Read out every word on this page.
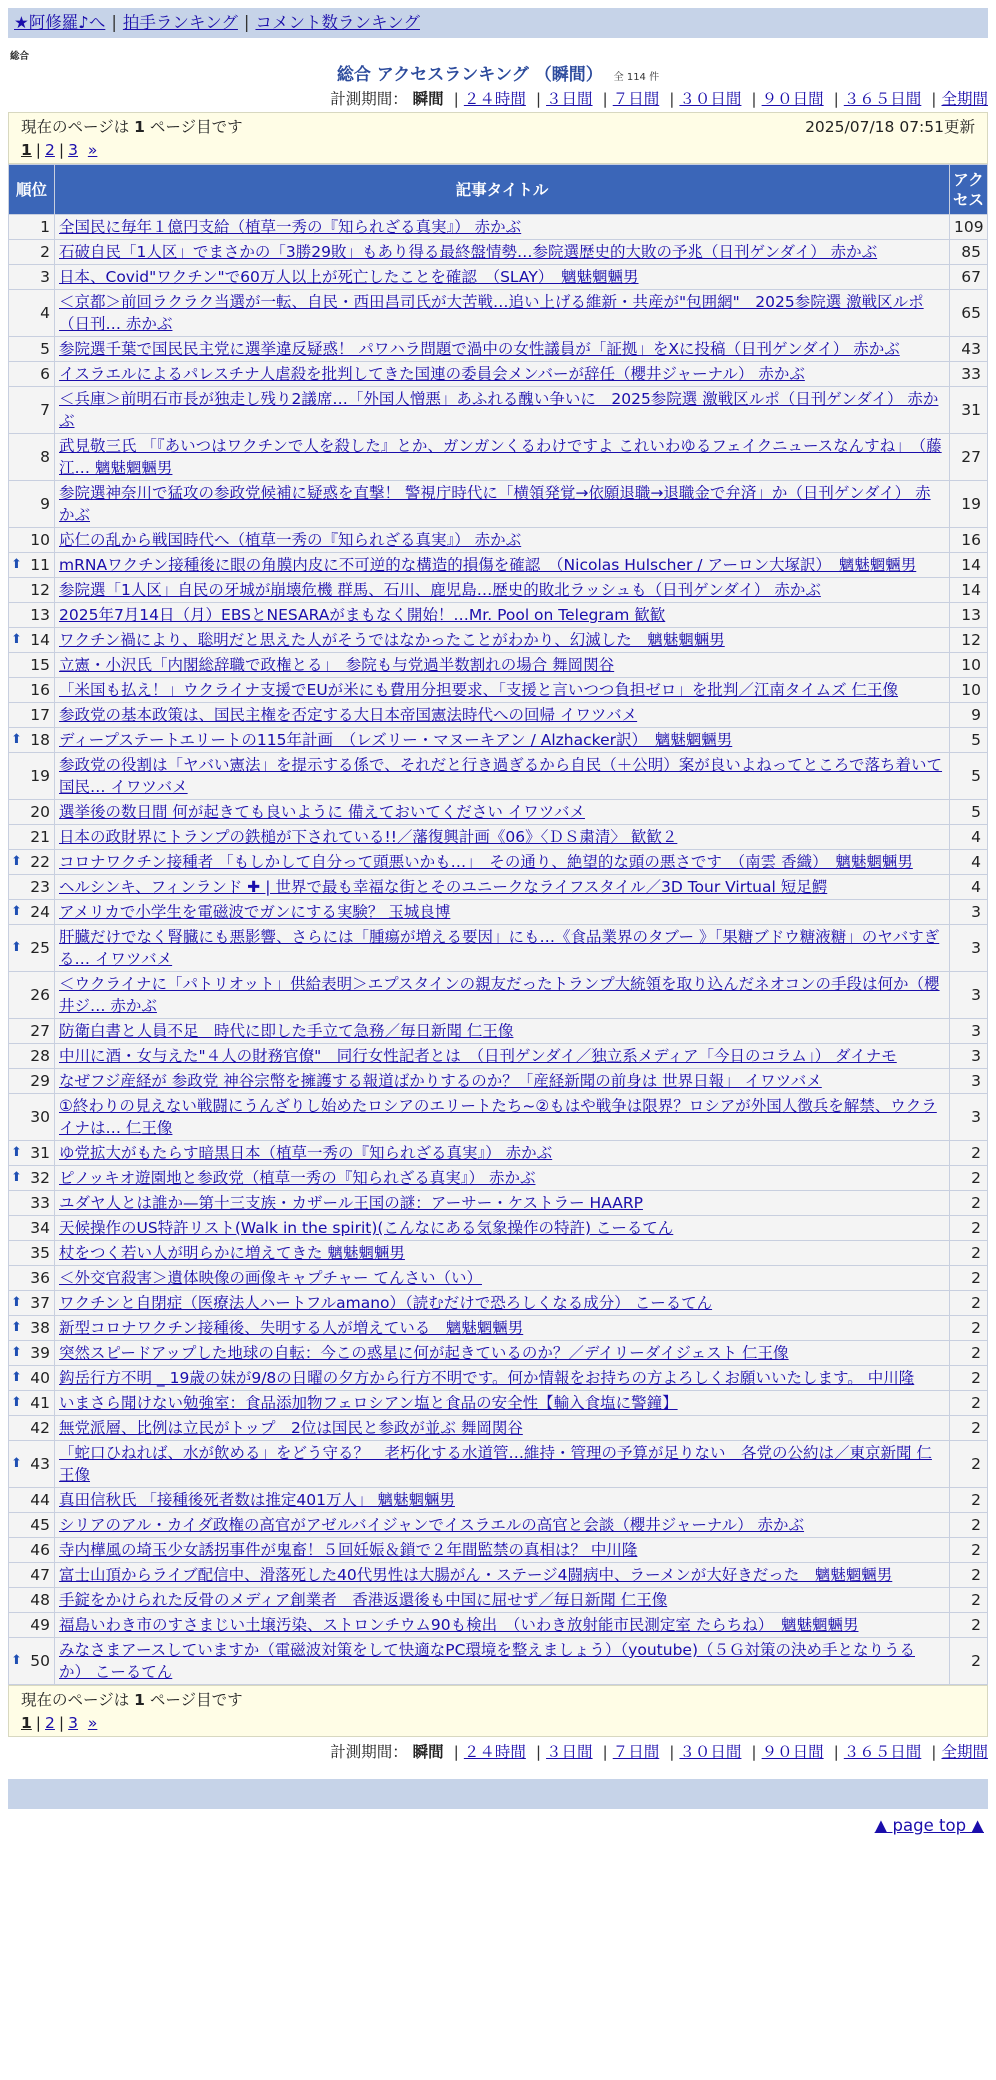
★阿修羅♪へ | 拍手ランキング | コメント数ランキング
総合
総合 アクセスランキング （瞬間） 全 114 件
計測期間： 瞬間 | ２４時間 | ３日間 | ７日間 | ３０日間 | ９０日間 | ３６５日間 | 全期間
現在のページは 1 ページ目です	2025/07/18 07:51更新
1 | 2 | 3 »
順位	記事タイトル	アクセス
1	全国民に毎年１億円支給（植草一秀の『知られざる真実』） 赤かぶ	109
2	石破自民「1人区」でまさかの「3勝29敗」もあり得る最終盤情勢…参院選歴史的大敗の予兆（日刊ゲンダイ） 赤かぶ	85
3	日本、Covid"ワクチン"で60万人以上が死亡したことを確認　（SLAY）　魑魅魍魎男	67
4	＜京都＞前回ラクラク当選が一転、自民・西田昌司氏が大苦戦…追い上げる維新・共産が"包囲網"　2025参院選 激戦区ルポ（日刊… 赤かぶ	65
5	参院選千葉で国民民主党に選挙違反疑惑！ パワハラ問題で渦中の女性議員が「証拠」をXに投稿（日刊ゲンダイ） 赤かぶ	43
6	イスラエルによるパレスチナ人虐殺を批判してきた国連の委員会メンバーが辞任（櫻井ジャーナル） 赤かぶ	33
7	＜兵庫＞前明石市長が独走し残り2議席…「外国人憎悪」あふれる醜い争いに　2025参院選 激戦区ルポ（日刊ゲンダイ） 赤かぶ	31
8	武見敬三氏 「『あいつはワクチンで人を殺した』とか、ガンガンくるわけですよ これいわゆるフェイクニュースなんすね」　（藤江… 魑魅魍魎男	27
9	参院選神奈川で猛攻の参政党候補に疑惑を直撃！ 警視庁時代に「横領発覚→依願退職→退職金で弁済」か（日刊ゲンダイ） 赤かぶ	19
10	応仁の乱から戦国時代へ（植草一秀の『知られざる真実』） 赤かぶ	16

⬆ 11	mRNAワクチン接種後に眼の角膜内皮に不可逆的な構造的損傷を確認　（Nicolas Hulscher / アーロン大塚訳）　魑魅魍魎男	14
12	参院選「1人区」自民の牙城が崩壊危機 群馬、石川、鹿児島…歴史的敗北ラッシュも（日刊ゲンダイ） 赤かぶ	14
13	2025年7月14日（月）EBSとNESARAがまもなく開始！…Mr. Pool on Telegram 歓歓	13

⬆ 14	ワクチン禍により、聡明だと思えた人がそうではなかったことがわかり、幻滅した　魑魅魍魎男	12
15	立憲・小沢氏「内閣総辞職で政権とる」　参院も与党過半数割れの場合 舞岡関谷	10
16	「米国も払え！」ウクライナ支援でEUが米にも費用分担要求、「支援と言いつつ負担ゼロ」を批判／江南タイムズ 仁王像	10
17	参政党の基本政策は、国民主権を否定する大日本帝国憲法時代への回帰 イワツバメ	9

⬆ 18	ディープステートエリートの115年計画　（レズリー・マヌーキアン / Alzhacker訳）　魑魅魍魎男	5
19	参政党の役割は「ヤバい憲法」を提示する係で、それだと行き過ぎるから自民（＋公明）案が良いよねってところで落ち着いて国民… イワツバメ	5
20	選挙後の数日間 何が起きても良いように 備えておいてください イワツバメ	5
21	日本の政財界にトランプの鉄槌が下されている!!／藩復興計画《06》〈ＤＳ粛清〉 歓歓２	4

⬆ 22	コロナワクチン接種者 「もしかして自分って頭悪いかも…」　その通り、絶望的な頭の悪さです　（南雲 香織）　魑魅魍魎男	4
23	ヘルシンキ、フィンランド ✚ | 世界で最も幸福な街とそのユニークなライフスタイル／3D Tour Virtual 短足鰐	4

⬆ 24	アメリカで小学生を電磁波でガンにする実験？ 玉城良博	3

⬆ 25	肝臓だけでなく腎臓にも悪影響、さらには「腫瘍が増える要因」にも…《食品業界のタブー 》「果糖ブドウ糖液糖」のヤバすぎる… イワツバメ	3
26	＜ウクライナに「パトリオット」供給表明＞エプスタインの親友だったトランプ大統領を取り込んだネオコンの手段は何か（櫻井ジ… 赤かぶ	3
27	防衛白書と人員不足　時代に即した手立て急務／毎日新聞 仁王像	3
28	中川に酒・女与えた"４人の財務官僚"　同行女性記者とは　（日刊ゲンダイ／独立系メディア「今日のコラム」） ダイナモ	3
29	なぜフジ産経が 参政党 神谷宗幣を擁護する報道ばかりするのか？「産経新聞の前身は 世界日報」 イワツバメ	3
30	①終わりの見えない戦闘にうんざりし始めたロシアのエリートたち~②もはや戦争は限界？ロシアが外国人徴兵を解禁、ウクライナは… 仁王像	3

⬆ 31	ゆ党拡大がもたらす暗黒日本（植草一秀の『知られざる真実』） 赤かぶ	2

⬆ 32	ピノッキオ遊園地と参政党（植草一秀の『知られざる真実』） 赤かぶ	2
33	ユダヤ人とは誰か—第十三支族・カザール王国の謎：アーサー・ケストラー HAARP	2
34	天候操作のUS特許リスト(Walk in the spirit)(こんなにある気象操作の特許) こーるてん	2
35	杖をつく若い人が明らかに増えてきた 魑魅魍魎男	2
36	＜外交官殺害＞遺体映像の画像キャプチャー てんさい（い）	2

⬆ 37	ワクチンと自閉症（医療法人ハートフルamano）（読むだけで恐ろしくなる成分） こーるてん	2

⬆ 38	新型コロナワクチン接種後、失明する人が増えている　魑魅魍魎男	2

⬆ 39	突然スピードアップした地球の自転：今この惑星に何が起きているのか？／デイリーダイジェスト 仁王像	2

⬆ 40	鈎岳行方不明 _ 19歳の妹が9/8の日曜の夕方から行方不明です。何か情報をお持ちの方よろしくお願いいたします。 中川隆	2

⬆ 41	いまさら聞けない勉強室：食品添加物フェロシアン塩と食品の安全性【輸入食塩に警鐘】	2
42	無党派層、比例は立民がトップ　2位は国民と参政が並ぶ 舞岡関谷	2

⬆ 43	「蛇口ひねれば、水が飲める」をどう守る？　老朽化する水道管…維持・管理の予算が足りない　各党の公約は／東京新聞 仁王像	2
44	真田信秋氏 「接種後死者数は推定401万人」 魑魅魍魎男	2
45	シリアのアル・カイダ政権の高官がアゼルバイジャンでイスラエルの高官と会談（櫻井ジャーナル） 赤かぶ	2
46	寺内樺風の埼玉少女誘拐事件が鬼畜！５回妊娠＆鎖で２年間監禁の真相は？ 中川隆	2
47	富士山頂からライブ配信中、滑落死した40代男性は大腸がん・ステージ4闘病中、ラーメンが大好きだった　魑魅魍魎男	2
48	手錠をかけられた反骨のメディア創業者　香港返還後も中国に屈せず／毎日新聞 仁王像	2
49	福島いわき市のすさまじい土壌汚染、ストロンチウム90も検出　（いわき放射能市民測定室 たらちね）　魑魅魍魎男	2

⬆ 50	みなさまアースしていますか（電磁波対策をして快適なPC環境を整えましょう）（youtube)（５Ｇ対策の決め手となりうるか） こーるてん	2
現在のページは 1 ページ目です
1 | 2 | 3 »
計測期間： 瞬間 | ２４時間 | ３日間 | ７日間 | ３０日間 | ９０日間 | ３６５日間 | 全期間
▲ page top ▲
